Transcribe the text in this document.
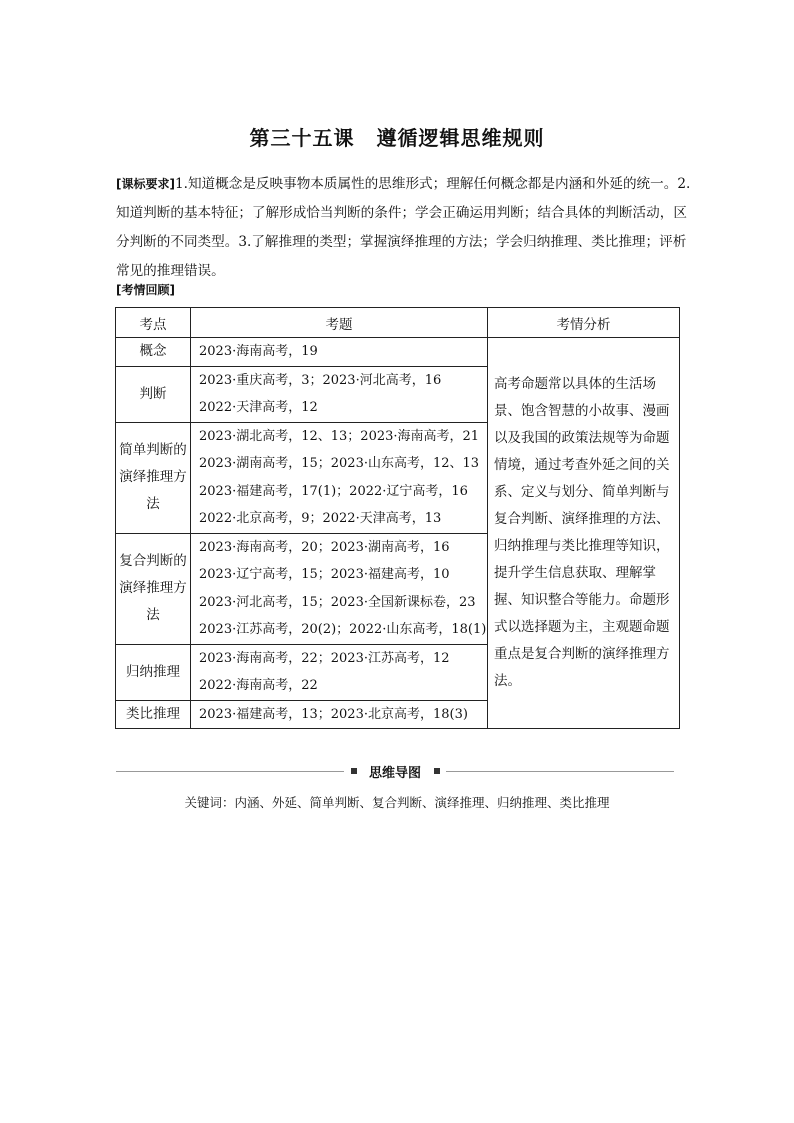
第三十五课 遵循逻辑思维规则
[课标要求]1.知道概念是反映事物本质属性的思维形式；理解任何概念都是内涵和外延的统一。2.知道判断的基本特征；了解形成恰当判断的条件；学会正确运用判断；结合具体的判断活动，区分判断的不同类型。3.了解推理的类型；掌握演绎推理的方法；学会归纳推理、类比推理；评析常见的推理错误。
[考情回顾]
考点	考题	考情分析
概念	2023·海南高考，19	高考命题常以具体的生活场景、饱含智慧的小故事、漫画以及我国的政策法规等为命题情境，通过考查外延之间的关系、定义与划分、简单判断与复合判断、演绎推理的方法、归纳推理与类比推理等知识，提升学生信息获取、理解掌握、知识整合等能力。命题形式以选择题为主，主观题命题重点是复合判断的演绎推理方法。
判断	2023·重庆高考，3；2023·河北高考，16
2022·天津高考，12	

简单判断的演绎推理方法	2023·湖北高考，12、13；2023·海南高考，21
2023·湖南高考，15；2023·山东高考，12、13
2023·福建高考，17(1)；2022·辽宁高考，16
2022·北京高考，9；2022·天津高考，13	

复合判断的演绎推理方法	2023·海南高考，20；2023·湖南高考，16
2023·辽宁高考，15；2023·福建高考，10
2023·河北高考，15；2023·全国新课标卷，23
2023·江苏高考，20(2)；2022·山东高考，18(1)	

归纳推理	2023·海南高考，22；2023·江苏高考，12
2022·海南高考，22	

类比推理	2023·福建高考，13；2023·北京高考，18(3)	
思维导图
关键词：内涵、外延、简单判断、复合判断、演绎推理、归纳推理、类比推理
